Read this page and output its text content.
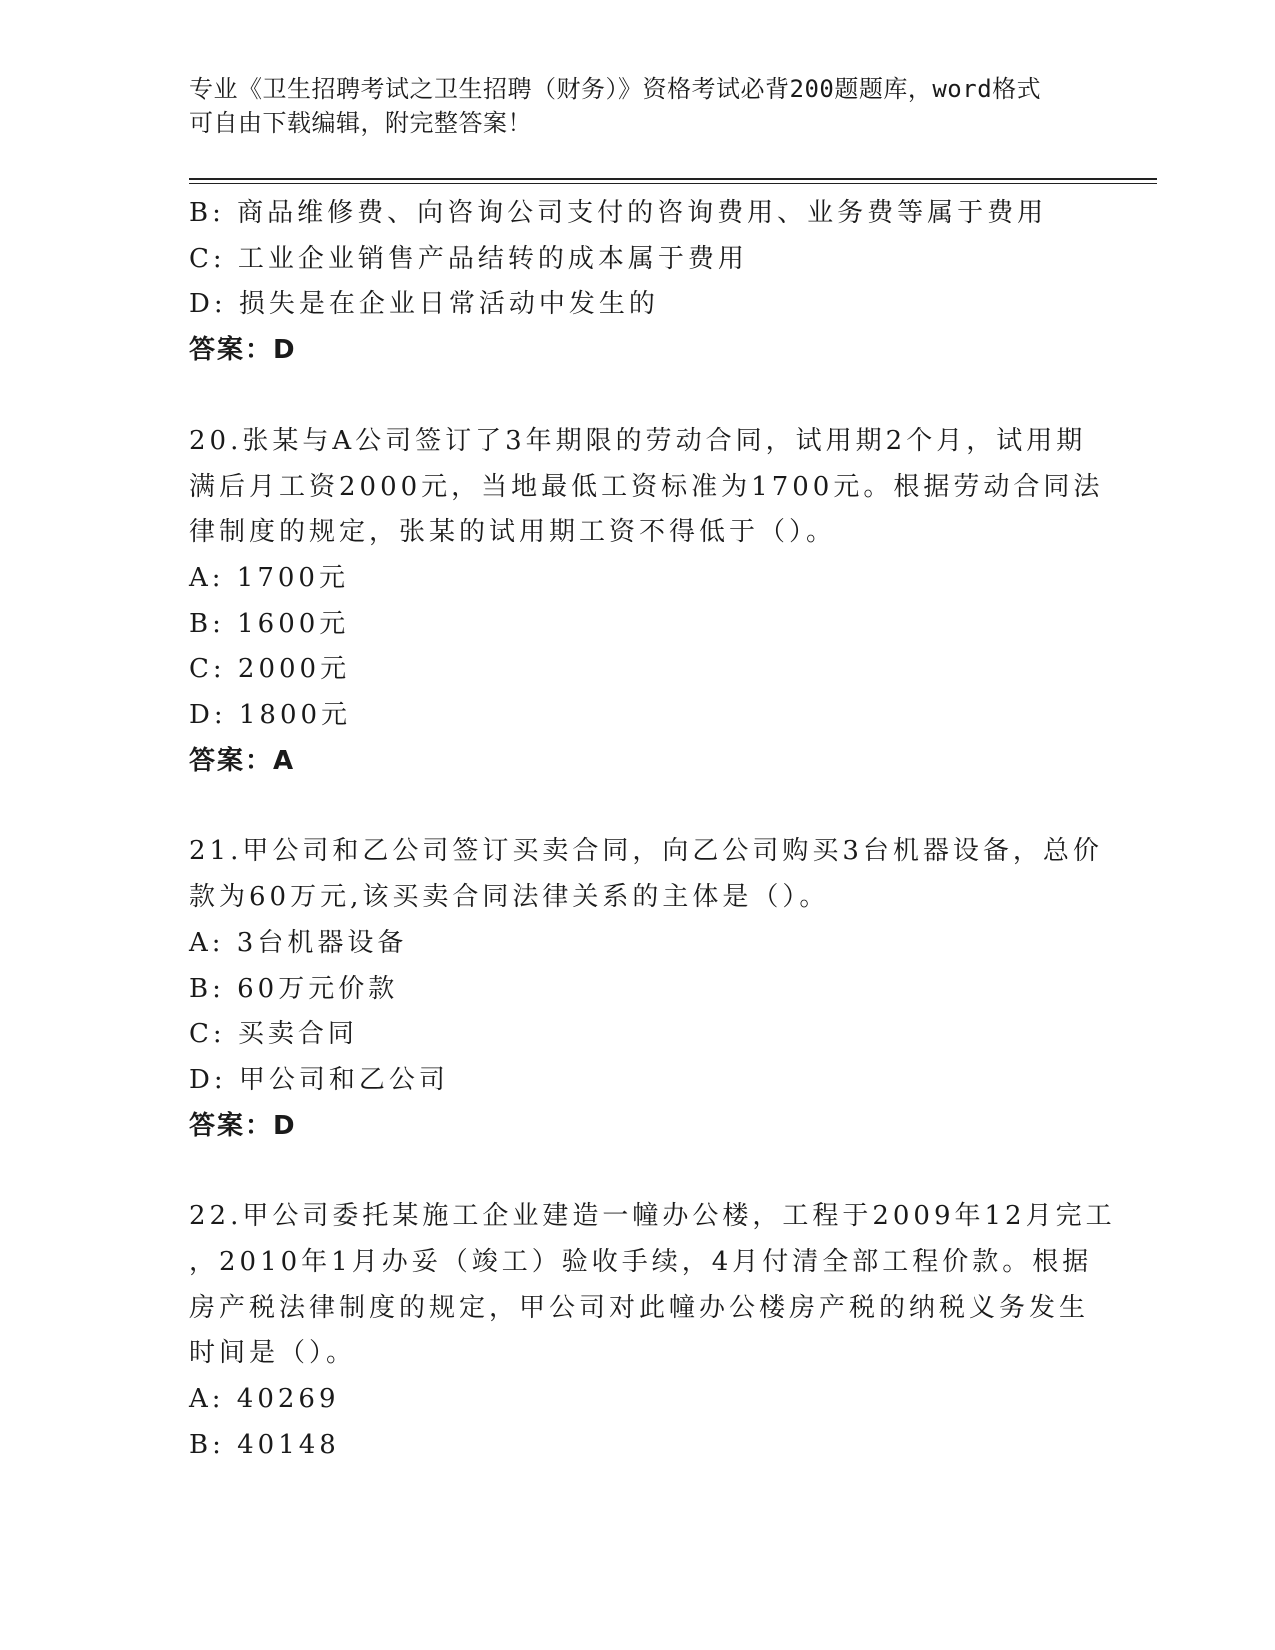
专业《卫生招聘考试之卫生招聘（财务）》资格考试必背200题题库，word格式
可自由下载编辑，附完整答案！
B: 商品维修费、向咨询公司支付的咨询费用、业务费等属于费用
C: 工业企业销售产品结转的成本属于费用
D: 损失是在企业日常活动中发生的
答案：D
20.张某与A公司签订了3年期限的劳动合同，试用期2个月，试用期
满后月工资2000元，当地最低工资标准为1700元。根据劳动合同法
律制度的规定，张某的试用期工资不得低于（）。
A: 1700元
B: 1600元
C: 2000元
D: 1800元
答案：A
21.甲公司和乙公司签订买卖合同，向乙公司购买3台机器设备，总价
款为60万元,该买卖合同法律关系的主体是（）。
A: 3台机器设备
B: 60万元价款
C: 买卖合同
D: 甲公司和乙公司
答案：D
22.甲公司委托某施工企业建造一幢办公楼，工程于2009年12月完工
，2010年1月办妥（竣工）验收手续，4月付清全部工程价款。根据
房产税法律制度的规定，甲公司对此幢办公楼房产税的纳税义务发生
时间是（）。
A: 40269
B: 40148
